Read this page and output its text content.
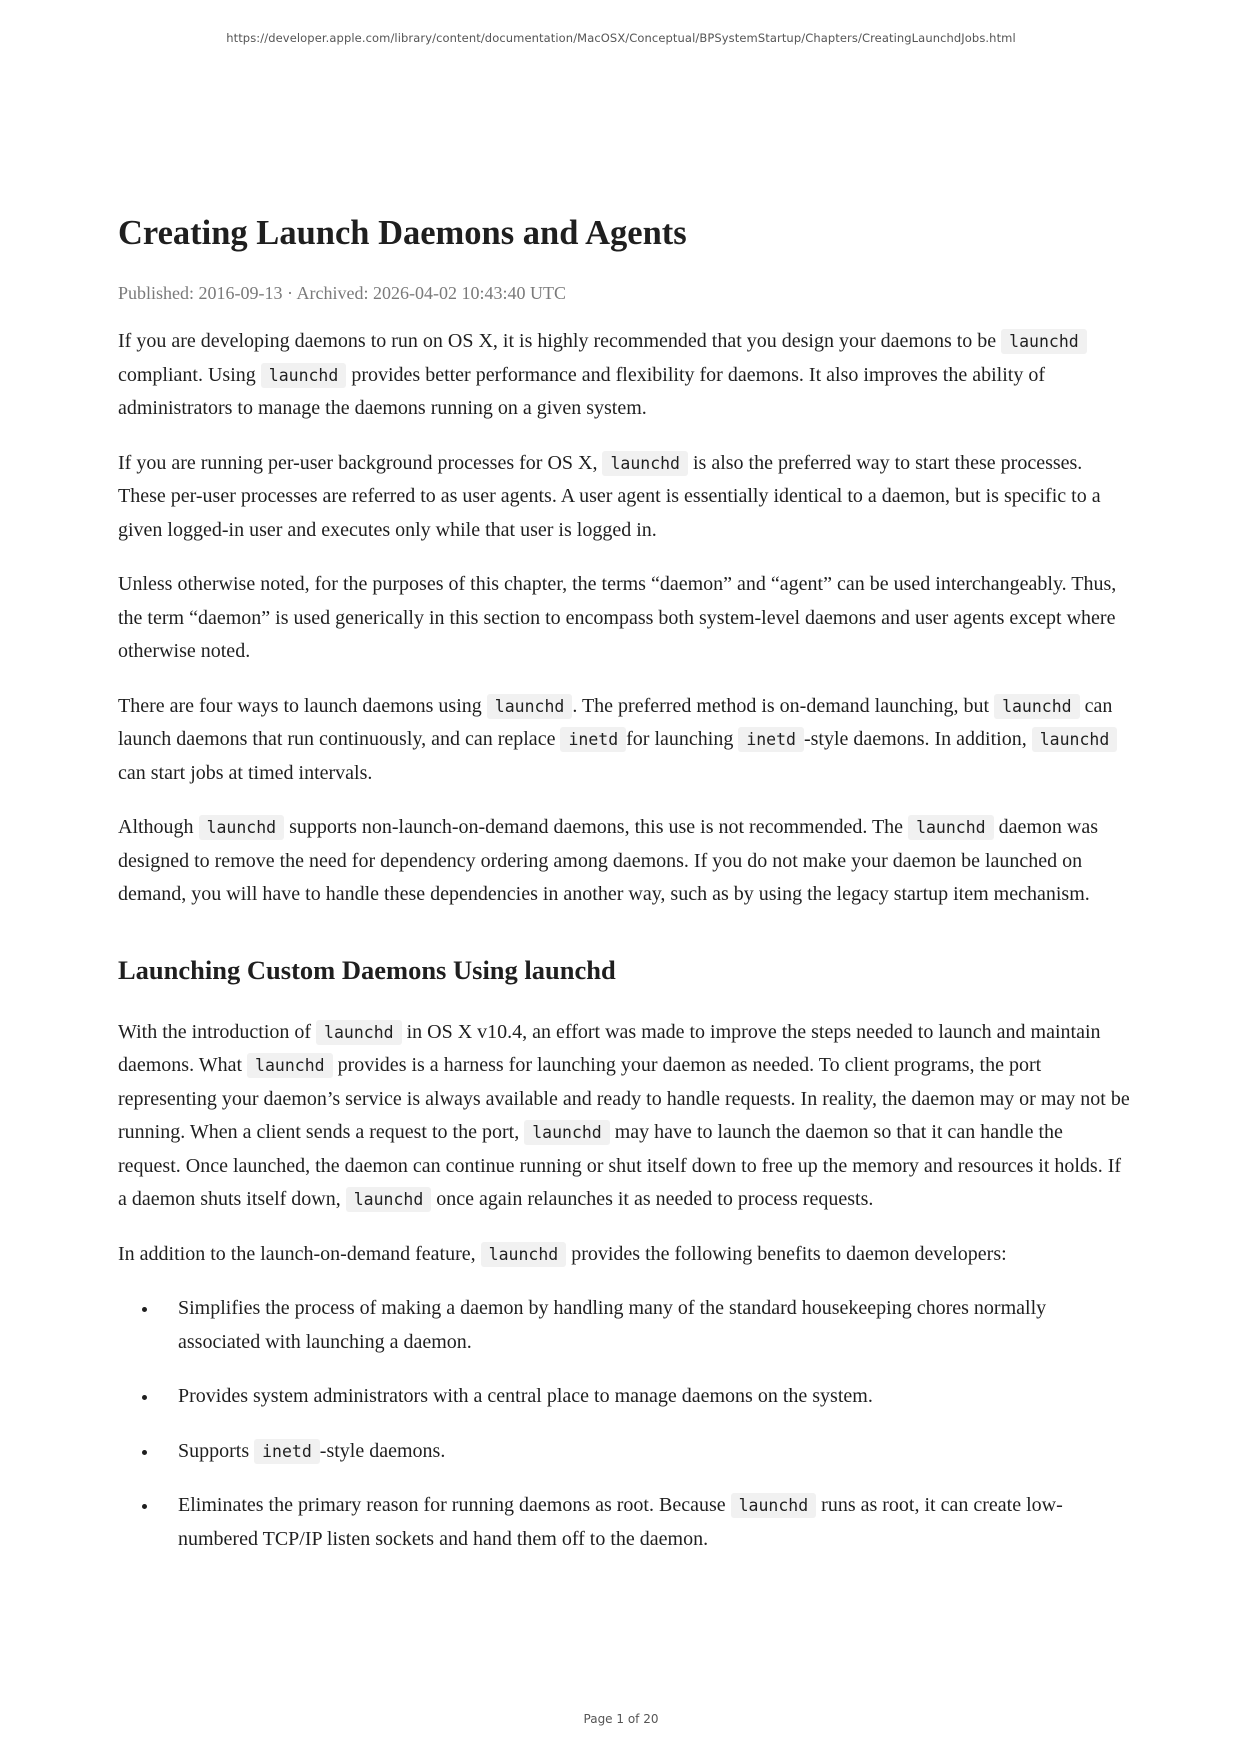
https://developer.apple.com/library/content/documentation/MacOSX/Conceptual/BPSystemStartup/Chapters/CreatingLaunchdJobs.html
Creating Launch Daemons and Agents
Published: 2016-09-13 · Archived: 2026-04-02 10:43:40 UTC

If you are developing daemons to run on OS X, it is highly recommended that you design your daemons to be launchd compliant. Using launchd provides better performance and flexibility for daemons. It also improves the ability of administrators to manage the daemons running on a given system.

If you are running per-user background processes for OS X, launchd is also the preferred way to start these processes. These per-user processes are referred to as user agents. A user agent is essentially identical to a daemon, but is specific to a given logged-in user and executes only while that user is logged in.

Unless otherwise noted, for the purposes of this chapter, the terms “daemon” and “agent” can be used interchangeably. Thus, the term “daemon” is used generically in this section to encompass both system-level daemons and user agents except where otherwise noted.

There are four ways to launch daemons using launchd . The preferred method is on-demand launching, but launchd can launch daemons that run continuously, and can replace inetd for launching inetd -style daemons. In addition, launchd can start jobs at timed intervals.

Although launchd supports non-launch-on-demand daemons, this use is not recommended. The launchd daemon was designed to remove the need for dependency ordering among daemons. If you do not make your daemon be launched on demand, you will have to handle these dependencies in another way, such as by using the legacy startup item mechanism.

Launching Custom Daemons Using launchd

With the introduction of launchd in OS X v10.4, an effort was made to improve the steps needed to launch and maintain daemons. What launchd provides is a harness for launching your daemon as needed. To client programs, the port representing your daemon’s service is always available and ready to handle requests. In reality, the daemon may or may not be running. When a client sends a request to the port, launchd may have to launch the daemon so that it can handle the request. Once launched, the daemon can continue running or shut itself down to free up the memory and resources it holds. If a daemon shuts itself down, launchd once again relaunches it as needed to process requests.

In addition to the launch-on-demand feature, launchd provides the following benefits to daemon developers:

• Simplifies the process of making a daemon by handling many of the standard housekeeping chores normally associated with launching a daemon.
• Provides system administrators with a central place to manage daemons on the system.
• Supports inetd -style daemons.
• Eliminates the primary reason for running daemons as root. Because launchd runs as root, it can create low-numbered TCP/IP listen sockets and hand them off to the daemon.
Page 1 of 20
